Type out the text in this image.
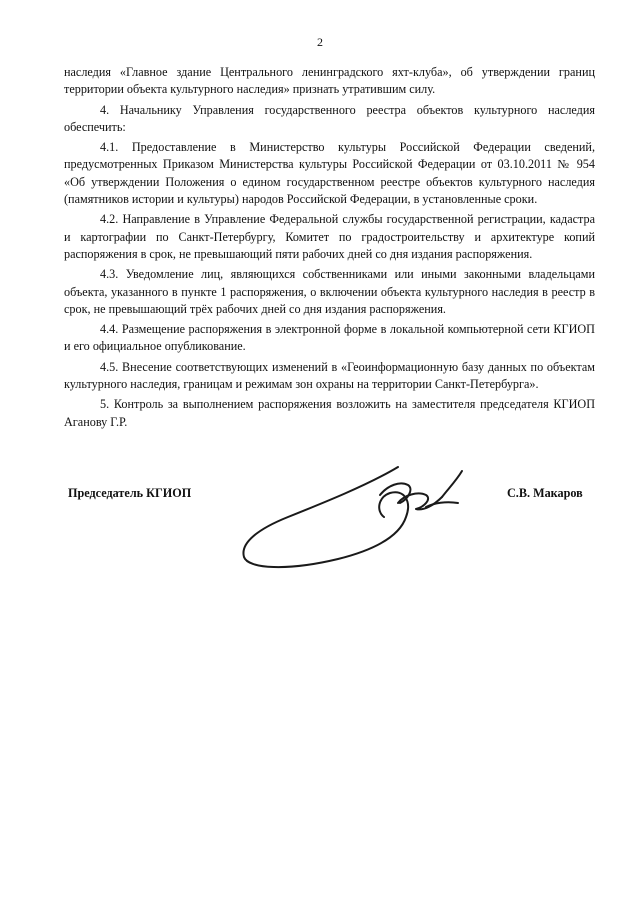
2

наследия «Главное здание Центрального ленинградского яхт-клуба», об утверждении границ территории объекта культурного наследия» признать утратившим силу.

4. Начальнику Управления государственного реестра объектов культурного наследия обеспечить:

4.1. Предоставление в Министерство культуры Российской Федерации сведений, предусмотренных Приказом Министерства культуры Российской Федерации от 03.10.2011 № 954 «Об утверждении Положения о едином государственном реестре объектов культурного наследия (памятников истории и культуры) народов Российской Федерации, в установленные сроки.

4.2. Направление в Управление Федеральной службы государственной регистрации, кадастра и картографии по Санкт-Петербургу, Комитет по градостроительству и архитектуре копий распоряжения в срок, не превышающий пяти рабочих дней со дня издания распоряжения.

4.3. Уведомление лиц, являющихся собственниками или иными законными владельцами объекта, указанного в пункте 1 распоряжения, о включении объекта культурного наследия в реестр в срок, не превышающий трёх рабочих дней со дня издания распоряжения.

4.4. Размещение распоряжения в электронной форме в локальной компьютерной сети КГИОП и его официальное опубликование.

4.5. Внесение соответствующих изменений в «Геоинформационную базу данных по объектам культурного наследия, границам и режимам зон охраны на территории Санкт-Петербурга».

5. Контроль за выполнением распоряжения возложить на заместителя председателя КГИОП Аганову Г.Р.

Председатель КГИОП	С.В. Макаров
